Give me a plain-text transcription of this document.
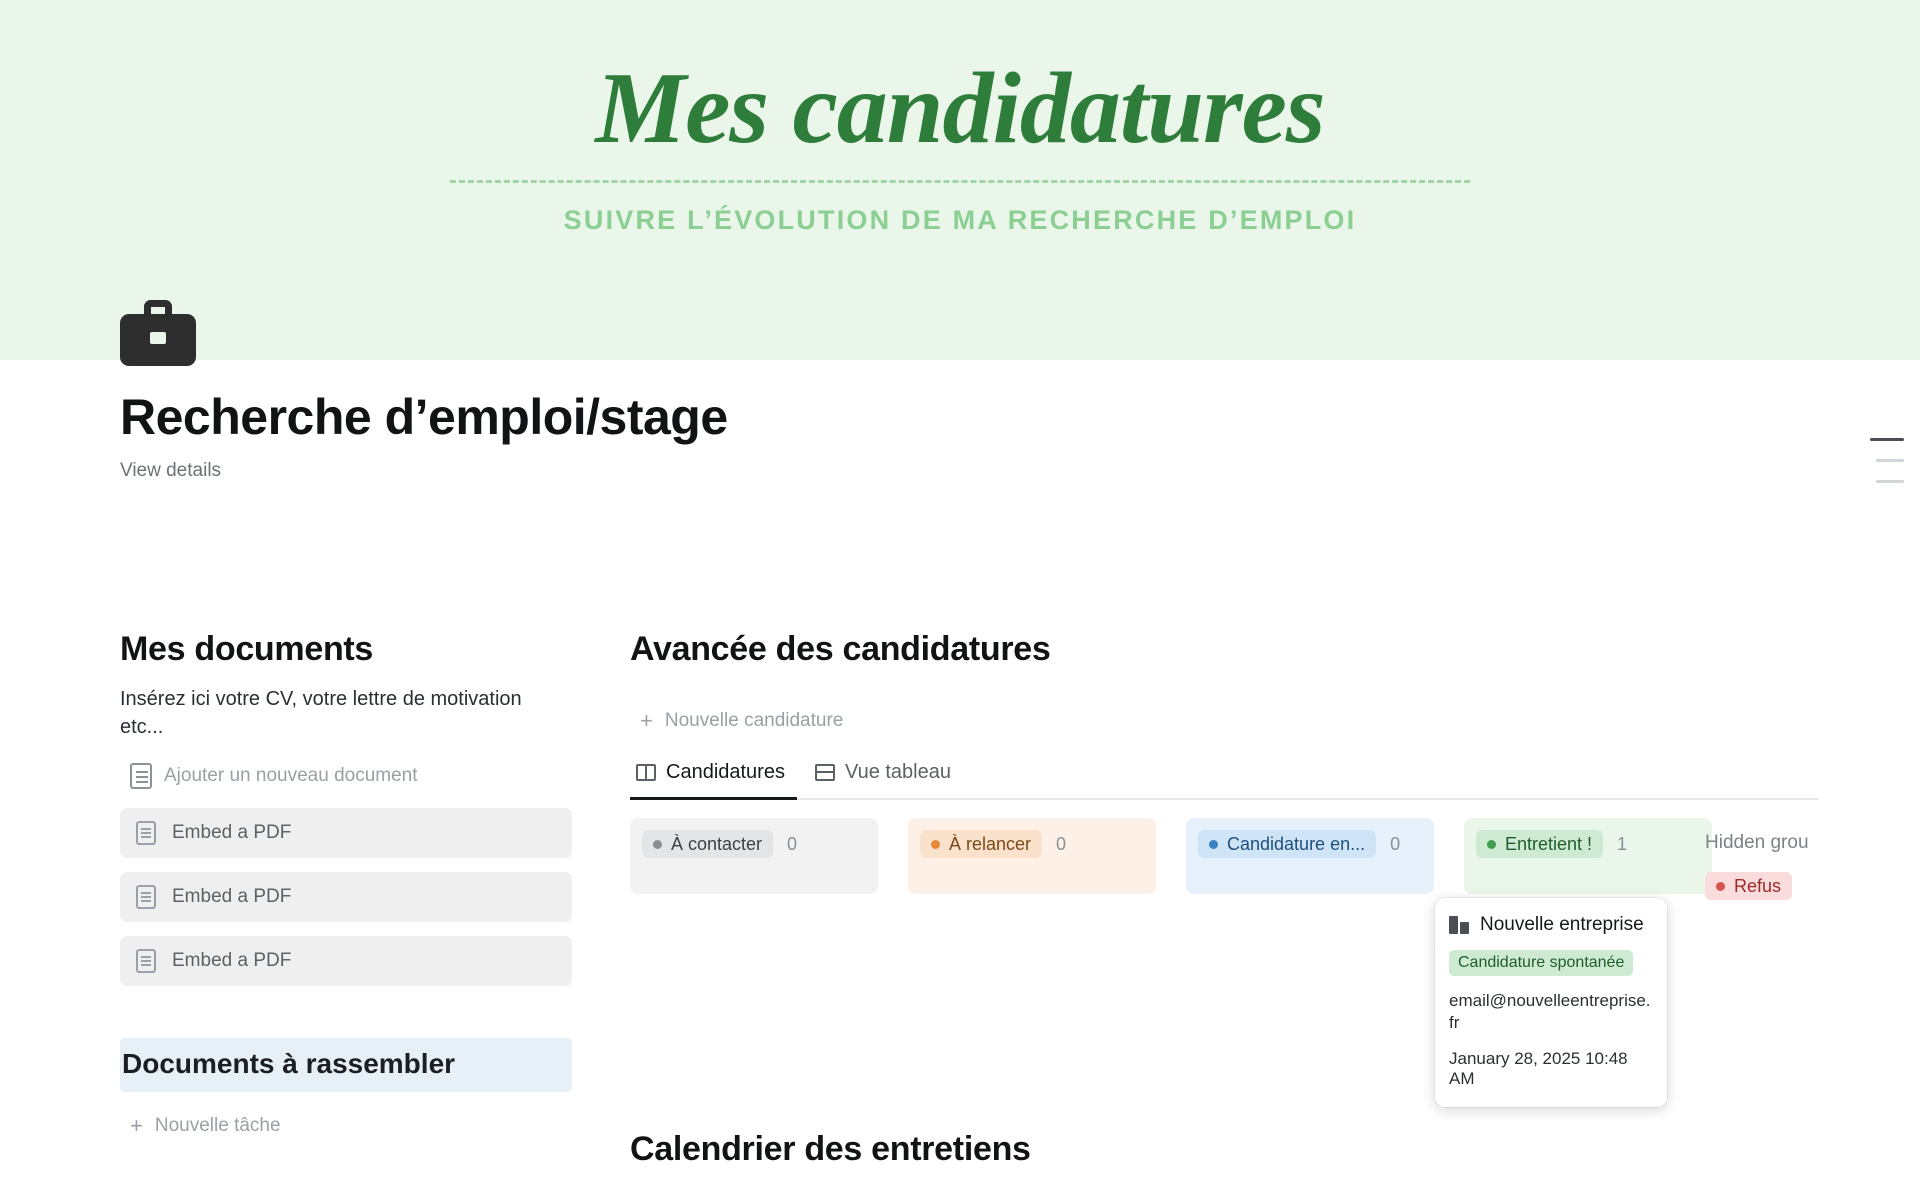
Mes candidatures
SUIVRE L’ÉVOLUTION DE MA RECHERCHE D’EMPLOI
Recherche d’emploi/stage
View details
Mes documents
Insérez ici votre CV, votre lettre de motivation etc...
Ajouter un nouveau document
Embed a PDF
Embed a PDF
Embed a PDF
Documents à rassembler
+ Nouvelle tâche
Avancée des candidatures
+ Nouvelle candidature
Candidatures	Vue tableau
À contacter 0	À relancer 0	Candidature en... 0	Entretient ! 1	Hidden grou
Refus
Nouvelle entreprise
Candidature spontanée
email@nouvelleentreprise.fr
January 28, 2025 10:48 AM
Calendrier des entretiens
